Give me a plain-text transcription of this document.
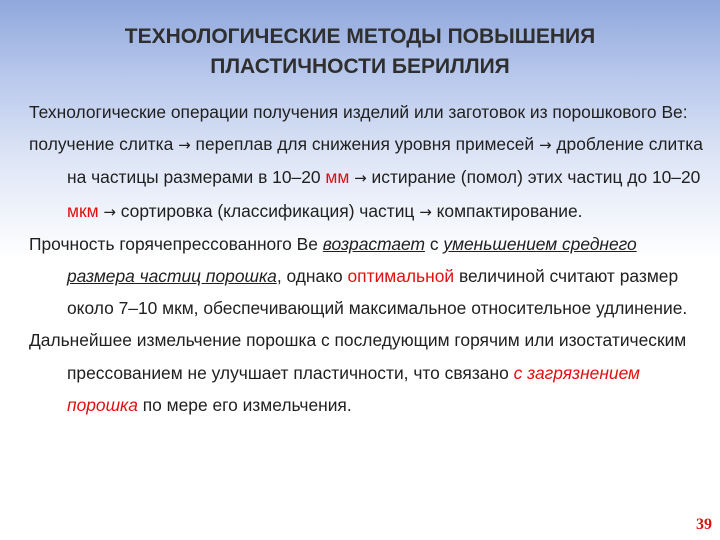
ТЕХНОЛОГИЧЕСКИЕ МЕТОДЫ ПОВЫШЕНИЯ
ПЛАСТИЧНОСТИ БЕРИЛЛИЯ

Технологические операции получения изделий или заготовок из порошкового Be:

получение слитка → переплав для снижения уровня примесей → дробление слитка на частицы размерами в 10–20 мм → истирание (помол) этих частиц до 10–20 мкм → сортировка (классификация) частиц → компактирование.

Прочность горячепрессованного Be возрастает с уменьшением среднего размера частиц порошка, однако оптимальной величиной считают размер около 7–10 мкм, обеспечивающий максимальное относительное удлинение.

Дальнейшее измельчение порошка с последующим горячим или изостатическим прессованием не улучшает пластичности, что связано с загрязнением порошка по мере его измельчения.

39
